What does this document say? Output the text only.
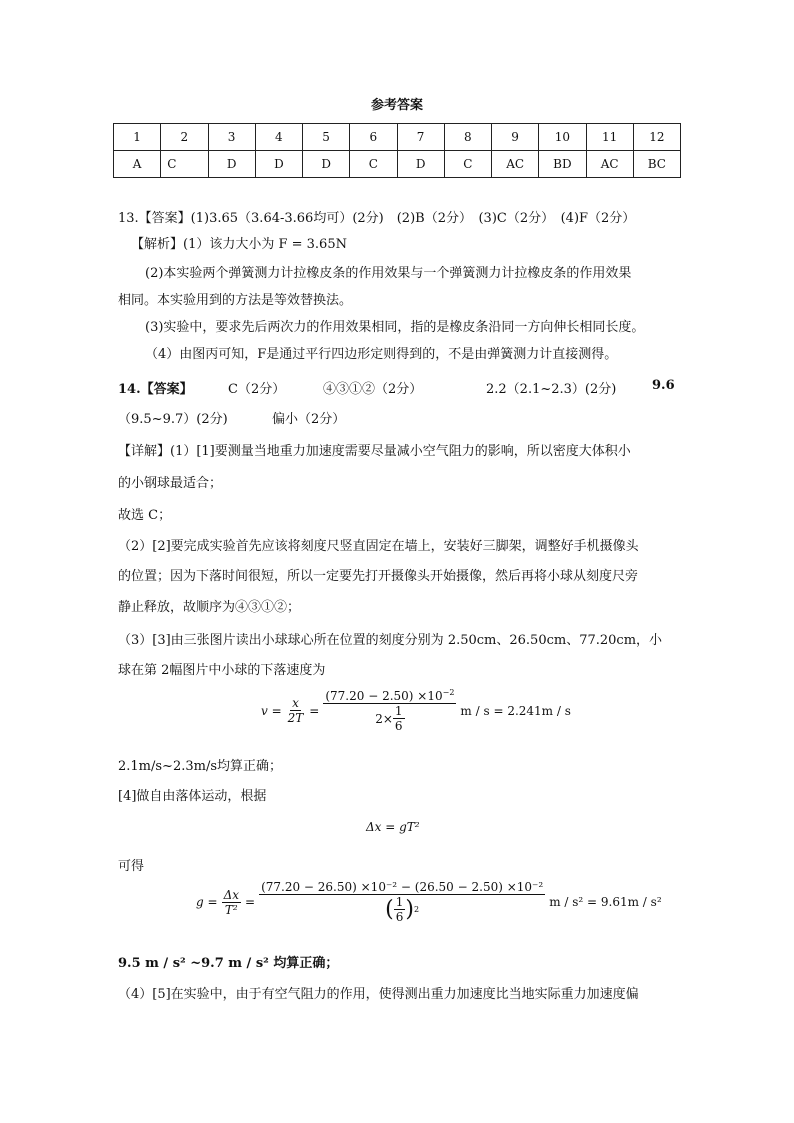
参考答案
1	2	3	4	5	6	7	8	9	10	11	12
A	C	D	D	D	C	D	C	AC	BD	AC	BC
13.【答案】(1)3.65（3.64-3.66均可）(2分)　(2)B（2分）　(3)C（2分）　(4)F（2分）
【解析】(1）该力大小为 F = 3.65N
(2)本实验两个弹簧测力计拉橡皮条的作用效果与一个弹簧测力计拉橡皮条的作用效果
相同。本实验用到的方法是等效替换法。
(3)实验中，要求先后两次力的作用效果相同，指的是橡皮条沿同一方向伸长相同长度。
（4）由图丙可知，F是通过平行四边形定则得到的，不是由弹簧测力计直接测得。
14.【答案】	C（2分）	④③①②（2分）	2.2（2.1~2.3）(2分)	9.6
（9.5~9.7）(2分)	偏小（2分）
【详解】(1）[1]要测量当地重力加速度需要尽量减小空气阻力的影响，所以密度大体积小
的小钢球最适合；
故选 C；
（2）[2]要完成实验首先应该将刻度尺竖直固定在墙上，安装好三脚架，调整好手机摄像头
的位置；因为下落时间很短，所以一定要先打开摄像头开始摄像，然后再将小球从刻度尺旁
静止释放，故顺序为④③①②；
（3）[3]由三张图片读出小球球心所在位置的刻度分别为 2.50cm、26.50cm、77.20cm，小
球在第 2幅图片中小球的下落速度为
$v = \frac{x}{2T} = \frac{(77.20 - 2.50) \times 10^{-2}}{2\times \frac{1}{6}}$ m / s = 2.241m / s
2.1m/s~2.3m/s均算正确；
[4]做自由落体运动，根据
Δx = gT²
可得
$g = \frac{\Delta x}{\text{T²}} = \frac{\text{(77.20 − 26.50) ×10⁻² − (26.50 − 2.50) ×10⁻²}}{( \frac{1}{6} ) 2}$ m / s² = 9.61m / s²
9.5 m / s² ~9.7 m / s² 均算正确；
（4）[5]在实验中，由于有空气阻力的作用，使得测出重力加速度比当地实际重力加速度偏
